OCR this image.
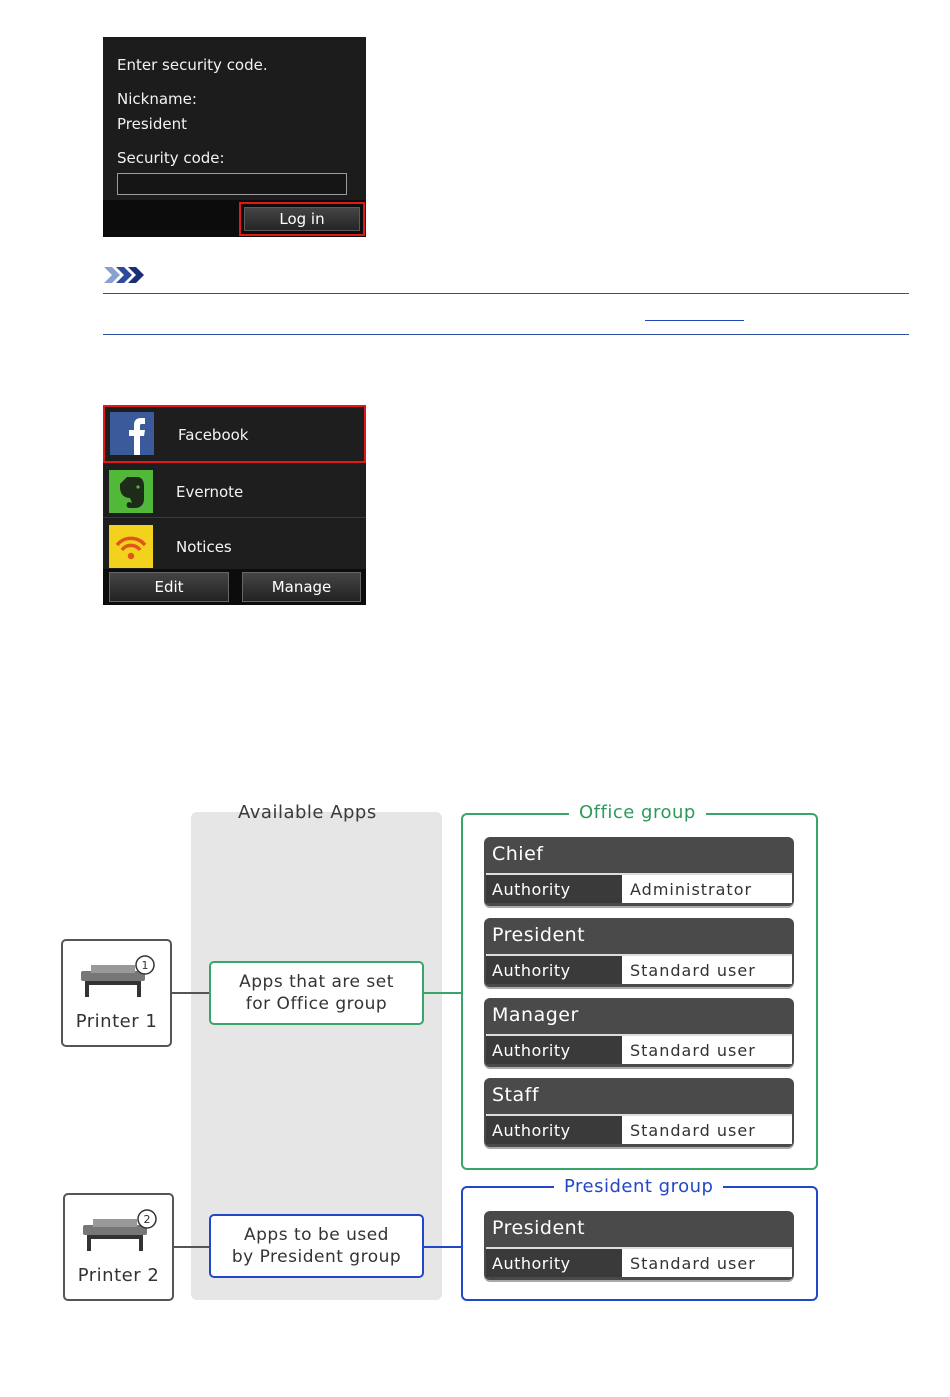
Enter security code.
Nickname:
President
Security code:
Log in
Facebook
Evernote
Notices
Edit	Manage
Available Apps
1
Printer 1
2
Printer 2
Apps that are set
for Office group
Apps to be used
by President group
Office group
President group
Chief
Authority	Administrator
President
Authority	Standard user
Manager
Authority	Standard user
Staff
Authority	Standard user
President
Authority	Standard user
